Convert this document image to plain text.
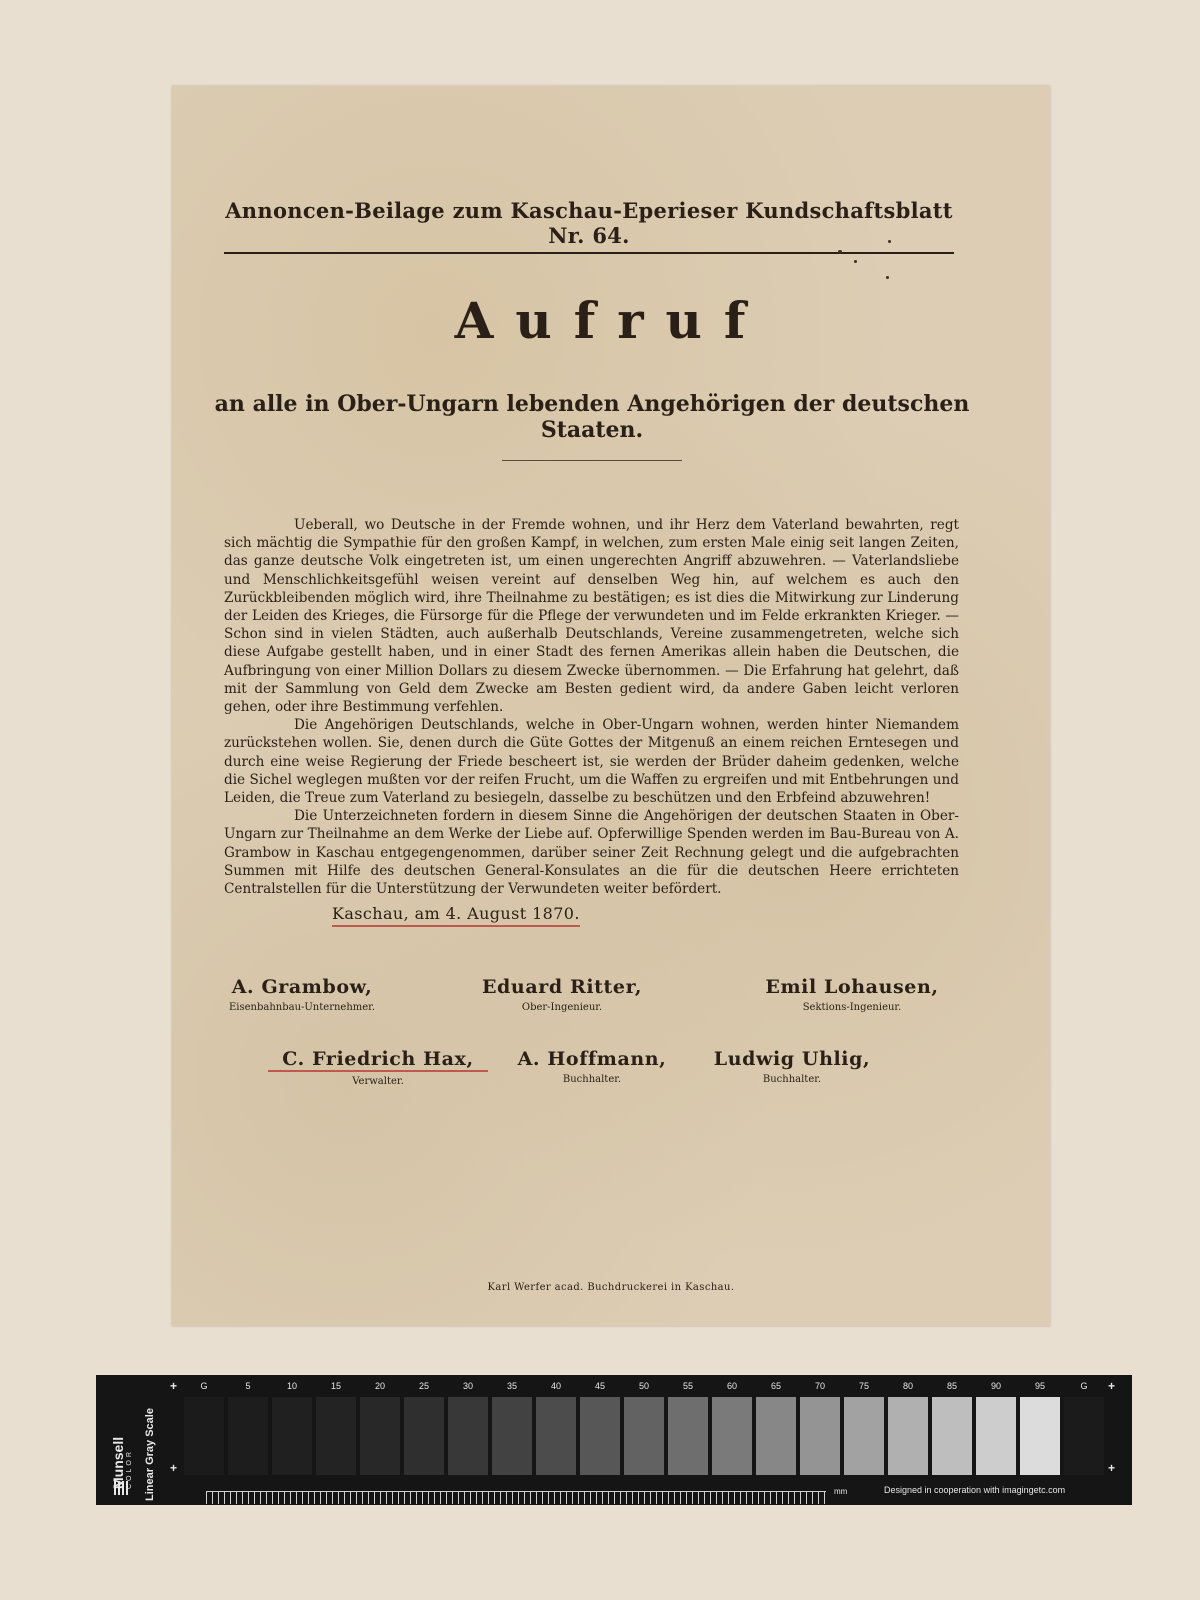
Annoncen-Beilage zum Kaschau-Eperieser Kundschaftsblatt Nr. 64.
Aufruf
an alle in Ober-Ungarn lebenden Angehörigen der deutschen Staaten.

Ueberall, wo Deutsche in der Fremde wohnen, und ihr Herz dem Vaterland bewahrten, regt sich mächtig die Sympathie für den großen Kampf, in welchen, zum ersten Male einig seit langen Zeiten, das ganze deutsche Volk eingetreten ist, um einen ungerechten Angriff abzuwehren. — Vaterlandsliebe und Menschlichkeitsgefühl weisen vereint auf denselben Weg hin, auf welchem es auch den Zurückbleibenden möglich wird, ihre Theilnahme zu bestätigen; es ist dies die Mitwirkung zur Linderung der Leiden des Krieges, die Fürsorge für die Pflege der verwundeten und im Felde erkrankten Krieger. — Schon sind in vielen Städten, auch außerhalb Deutschlands, Vereine zusammengetreten, welche sich diese Aufgabe gestellt haben, und in einer Stadt des fernen Amerikas allein haben die Deutschen, die Aufbringung von einer Million Dollars zu diesem Zwecke übernommen. — Die Erfahrung hat gelehrt, daß mit der Sammlung von Geld dem Zwecke am Besten gedient wird, da andere Gaben leicht verloren gehen, oder ihre Bestimmung verfehlen.

Die Angehörigen Deutschlands, welche in Ober-Ungarn wohnen, werden hinter Niemandem zurückstehen wollen. Sie, denen durch die Güte Gottes der Mitgenuß an einem reichen Erntesegen und durch eine weise Regierung der Friede bescheert ist, sie werden der Brüder daheim gedenken, welche die Sichel weglegen mußten vor der reifen Frucht, um die Waffen zu ergreifen und mit Entbehrungen und Leiden, die Treue zum Vaterland zu besiegeln, dasselbe zu beschützen und den Erbfeind abzuwehren!

Die Unterzeichneten fordern in diesem Sinne die Angehörigen der deutschen Staaten in Ober-Ungarn zur Theilnahme an dem Werke der Liebe auf. Opferwillige Spenden werden im Bau-Bureau von A. Grambow in Kaschau entgegengenommen, darüber seiner Zeit Rechnung gelegt und die aufgebrachten Summen mit Hilfe des deutschen General-Konsulates an die für die deutschen Heere errichteten Centralstellen für die Unterstützung der Verwundeten weiter befördert.

Kaschau, am 4. August 1870.
A. Grambow,
Eisenbahnbau-Unternehmer.
Eduard Ritter,
Ober-Ingenieur.
Emil Lohausen,
Sektions-Ingenieur.
C. Friedrich Hax,
Verwalter.
A. Hoffmann,
Buchhalter.
Ludwig Uhlig,
Buchhalter.
Karl Werfer acad. Buchdruckerei in Kaschau.
Munsell COLOR Linear Gray Scale
+
+
+
+
G	5	10	15	20	25	30	35	40	45	50	55	60	65	70	75	80	85	90	95	G
mm	Designed in cooperation with imagingetc.com
